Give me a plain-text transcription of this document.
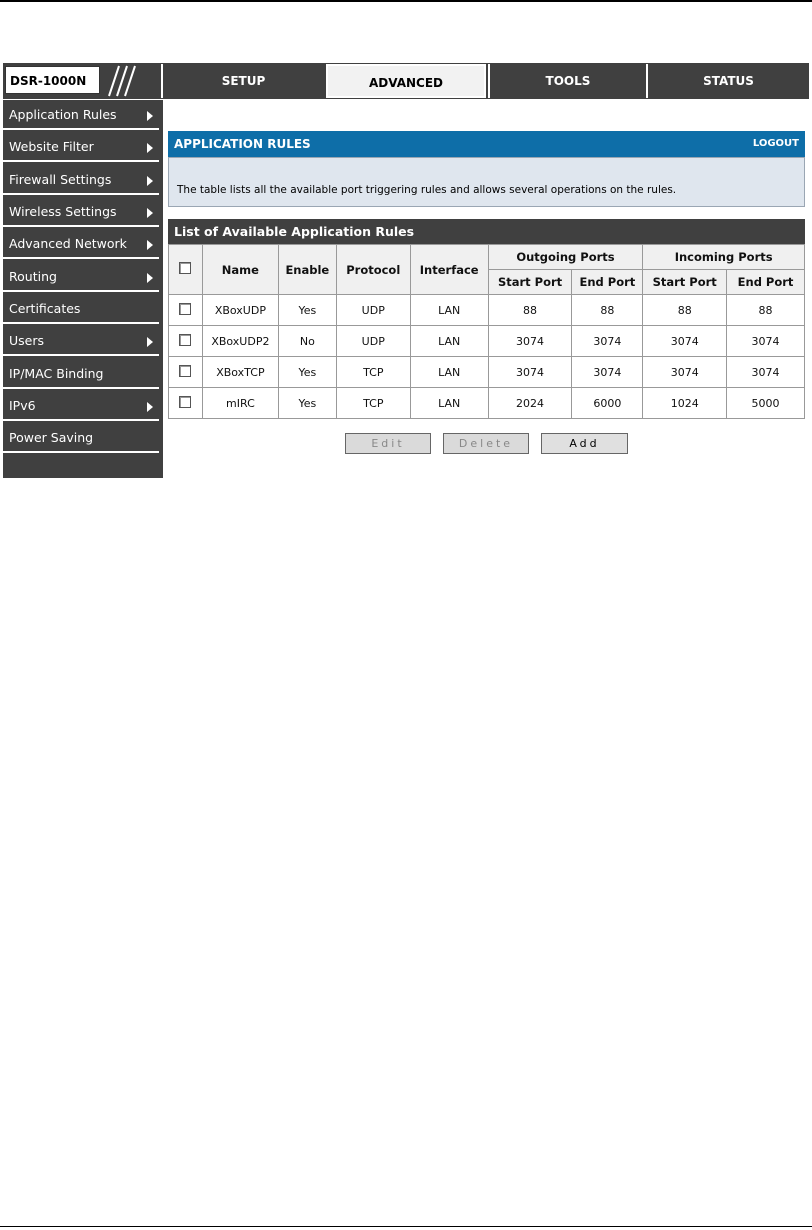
DSR-1000N	SETUP	ADVANCED	TOOLS	STATUS
Application Rules
Website Filter
Firewall Settings
Wireless Settings
Advanced Network
Routing
Certificates
Users
IP/MAC Binding
IPv6
Power Saving
APPLICATION RULES	LOGOUT
The table lists all the available port triggering rules and allows several operations on the rules.
List of Available Application Rules
	Name	Enable	Protocol	Interface	Outgoing Ports		Incoming Ports	
					Start Port	End Port	Start Port	End Port
	XBoxUDP	Yes	UDP	LAN	88	88	88	88
	XBoxUDP2	No	UDP	LAN	3074	3074	3074	3074
	XBoxTCP	Yes	TCP	LAN	3074	3074	3074	3074
	mIRC	Yes	TCP	LAN	2024	6000	1024	5000
Edit	Delete	Add
